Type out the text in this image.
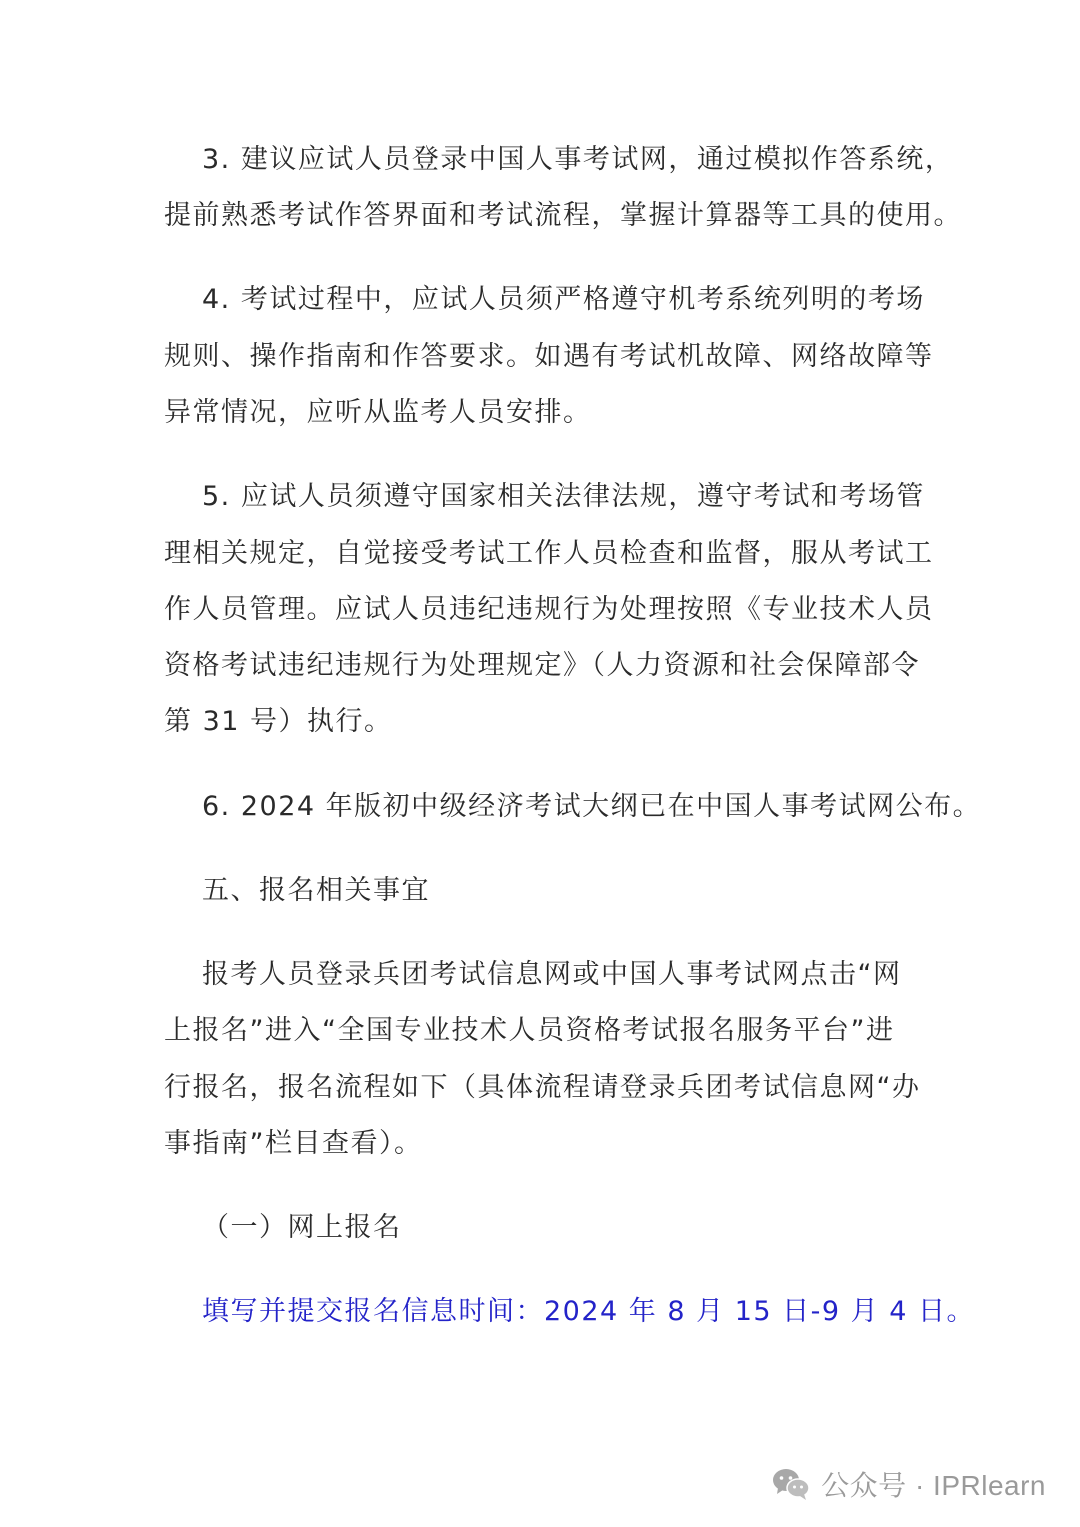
3. 建议应试人员登录中国人事考试网，通过模拟作答系统，
提前熟悉考试作答界面和考试流程，掌握计算器等工具的使用。
4. 考试过程中，应试人员须严格遵守机考系统列明的考场
规则、操作指南和作答要求。如遇有考试机故障、网络故障等
异常情况，应听从监考人员安排。
5. 应试人员须遵守国家相关法律法规，遵守考试和考场管
理相关规定，自觉接受考试工作人员检查和监督，服从考试工
作人员管理。应试人员违纪违规行为处理按照《专业技术人员
资格考试违纪违规行为处理规定》（人力资源和社会保障部令
第 31 号）执行。
6. 2024 年版初中级经济考试大纲已在中国人事考试网公布。
五、报名相关事宜
报考人员登录兵团考试信息网或中国人事考试网点击“网
上报名”进入“全国专业技术人员资格考试报名服务平台”进
行报名，报名流程如下（具体流程请登录兵团考试信息网“办
事指南”栏目查看）。
（一）网上报名
填写并提交报名信息时间：2024 年 8 月 15 日-9 月 4 日。
公众号 · IPRlearn
